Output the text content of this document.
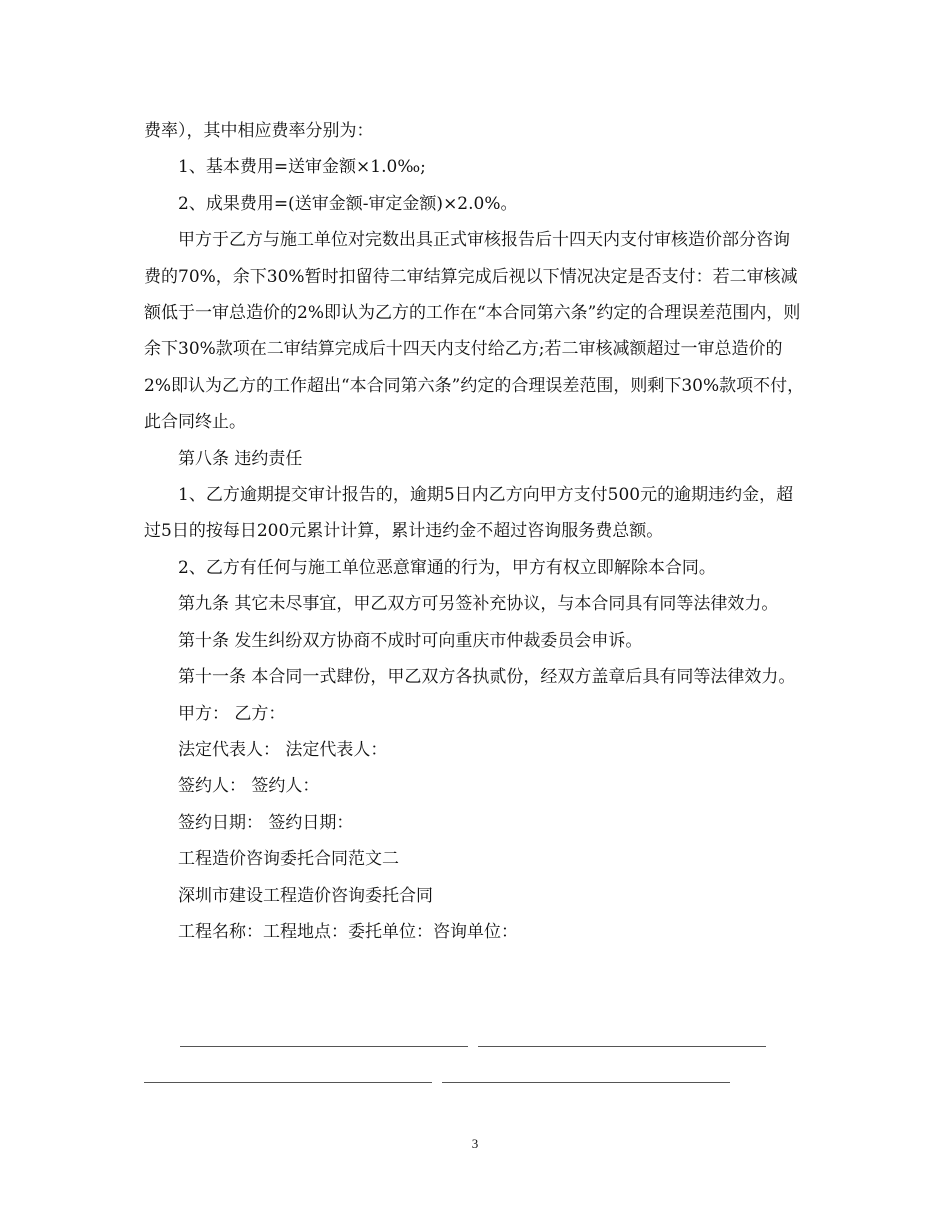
费率），其中相应费率分别为：

1、基本费用=送审金额×1.0‰;

2、成果费用=(送审金额-审定金额)×2.0%。

甲方于乙方与施工单位对完数出具正式审核报告后十四天内支付审核造价部分咨询费的70%，余下30%暂时扣留待二审结算完成后视以下情况决定是否支付：若二审核减额低于一审总造价的2%即认为乙方的工作在“本合同第六条”约定的合理误差范围内，则余下30%款项在二审结算完成后十四天内支付给乙方;若二审核减额超过一审总造价的2%即认为乙方的工作超出“本合同第六条”约定的合理误差范围，则剩下30%款项不付，此合同终止。

第八条 违约责任

1、乙方逾期提交审计报告的，逾期5日内乙方向甲方支付500元的逾期违约金，超过5日的按每日200元累计计算，累计违约金不超过咨询服务费总额。

2、乙方有任何与施工单位恶意窜通的行为，甲方有权立即解除本合同。

第九条 其它未尽事宜，甲乙双方可另签补充协议，与本合同具有同等法律效力。

第十条 发生纠纷双方协商不成时可向重庆市仲裁委员会申诉。

第十一条 本合同一式肆份，甲乙双方各执贰份，经双方盖章后具有同等法律效力。

甲方： 乙方：

法定代表人： 法定代表人：

签约人： 签约人：

签约日期： 签约日期：

工程造价咨询委托合同范文二

深圳市建设工程造价咨询委托合同

工程名称：工程地点：委托单位：咨询单位：

3
